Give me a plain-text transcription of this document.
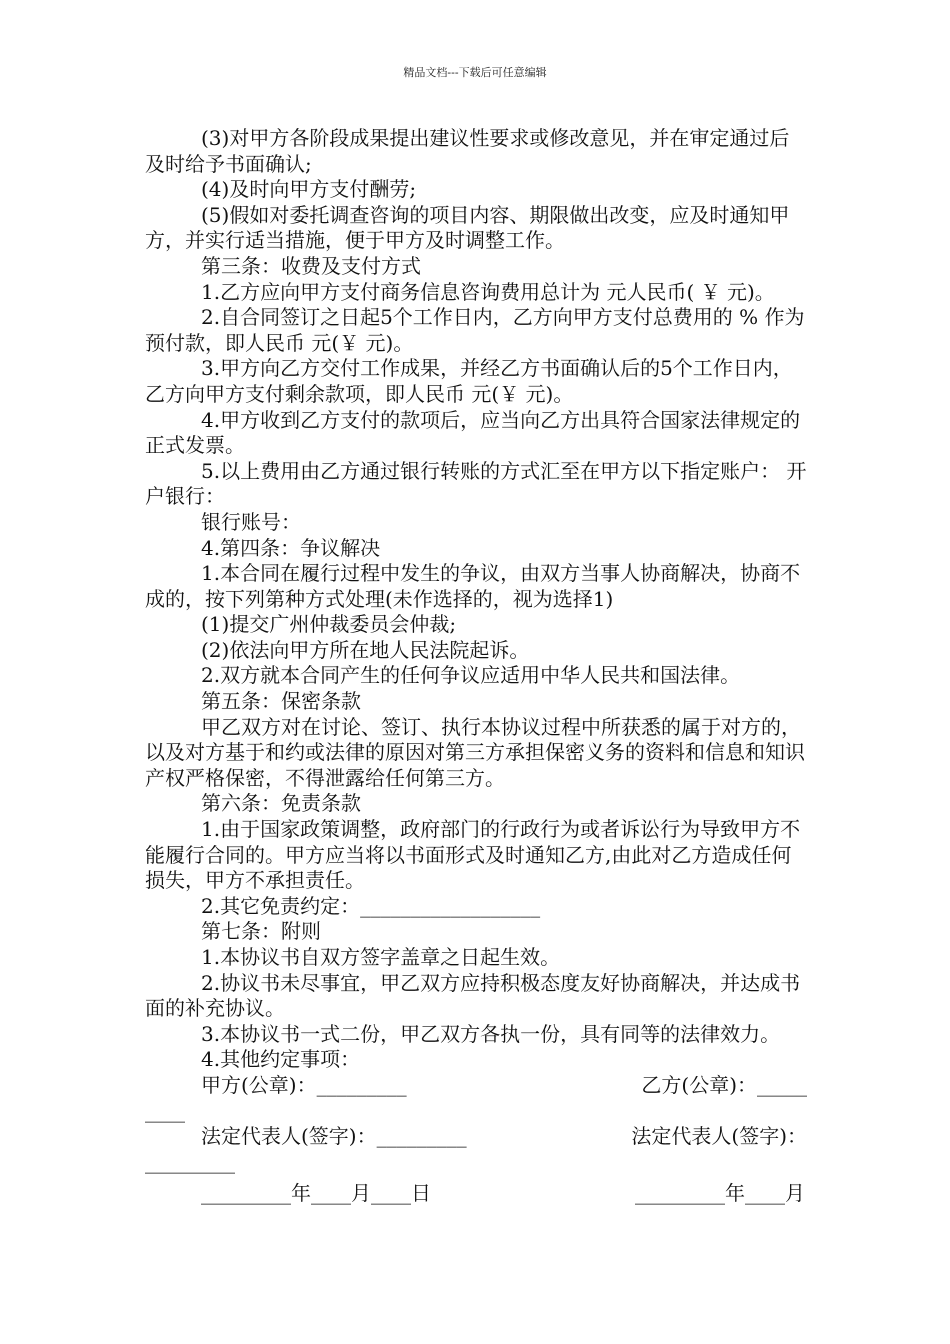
精品文档---下载后可任意编辑

(3)对甲方各阶段成果提出建议性要求或修改意见，并在审定通过后及时给予书面确认;

(4)及时向甲方支付酬劳;

(5)假如对委托调查咨询的项目内容、期限做出改变，应及时通知甲方，并实行适当措施，便于甲方及时调整工作。

第三条：收费及支付方式

1.乙方应向甲方支付商务信息咨询费用总计为 元人民币( ￥ 元)。

2.自合同签订之日起5个工作日内，乙方向甲方支付总费用的 % 作为预付款，即人民币 元(￥ 元)。

3.甲方向乙方交付工作成果，并经乙方书面确认后的5个工作日内，乙方向甲方支付剩余款项，即人民币 元(￥ 元)。

4.甲方收到乙方支付的款项后，应当向乙方出具符合国家法律规定的正式发票。

5.以上费用由乙方通过银行转账的方式汇至在甲方以下指定账户： 开户银行：

银行账号：

4.第四条：争议解决

1.本合同在履行过程中发生的争议，由双方当事人协商解决，协商不成的，按下列第种方式处理(未作选择的，视为选择1)

(1)提交广州仲裁委员会仲裁;

(2)依法向甲方所在地人民法院起诉。

2.双方就本合同产生的任何争议应适用中华人民共和国法律。

第五条：保密条款

甲乙双方对在讨论、签订、执行本协议过程中所获悉的属于对方的，以及对方基于和约或法律的原因对第三方承担保密义务的资料和信息和知识产权严格保密，不得泄露给任何第三方。

第六条：免责条款

1.由于国家政策调整，政府部门的行政行为或者诉讼行为导致甲方不能履行合同的。甲方应当将以书面形式及时通知乙方,由此对乙方造成任何损失，甲方不承担责任。

2.其它免责约定：__________________

第七条：附则

1.本协议书自双方签字盖章之日起生效。

2.协议书未尽事宜，甲乙双方应持积极态度友好协商解决，并达成书面的补充协议。

3.本协议书一式二份，甲乙双方各执一份，具有同等的法律效力。

4.其他约定事项：

甲方(公章)：_________	乙方(公章)：_____

____

法定代表人(签字)：_________	法定代表人(签字)：

_________

_________年____月____日	_________年____月
